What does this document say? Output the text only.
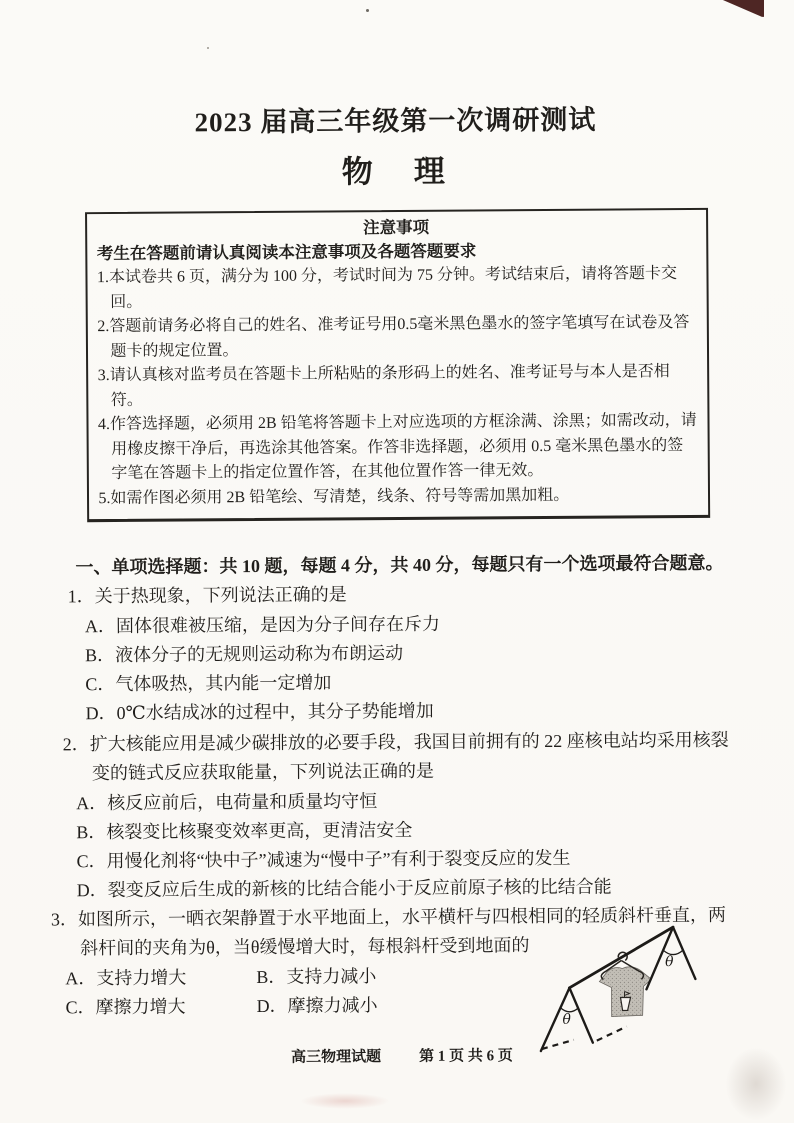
2023 届高三年级第一次调研测试
物　理
注意事项
考生在答题前请认真阅读本注意事项及各题答题要求
1.本试卷共 6 页，满分为 100 分，考试时间为 75 分钟。考试结束后，请将答题卡交回。
2.答题前请务必将自己的姓名、准考证号用0.5毫米黑色墨水的签字笔填写在试卷及答题卡的规定位置。
3.请认真核对监考员在答题卡上所粘贴的条形码上的姓名、准考证号与本人是否相符。
4.作答选择题，必须用 2B 铅笔将答题卡上对应选项的方框涂满、涂黑；如需改动，请用橡皮擦干净后，再选涂其他答案。作答非选择题，必须用 0.5 毫米黑色墨水的签字笔在答题卡上的指定位置作答，在其他位置作答一律无效。
5.如需作图必须用 2B 铅笔绘、写清楚，线条、符号等需加黑加粗。
一、单项选择题：共 10 题，每题 4 分，共 40 分，每题只有一个选项最符合题意。
1．关于热现象，下列说法正确的是
A．固体很难被压缩，是因为分子间存在斥力
B．液体分子的无规则运动称为布朗运动
C．气体吸热，其内能一定增加
D．0℃水结成冰的过程中，其分子势能增加
2．扩大核能应用是减少碳排放的必要手段，我国目前拥有的 22 座核电站均采用核裂变的链式反应获取能量，下列说法正确的是
A．核反应前后，电荷量和质量均守恒
B．核裂变比核聚变效率更高，更清洁安全
C．用慢化剂将“快中子”减速为“慢中子”有利于裂变反应的发生
D．裂变反应后生成的新核的比结合能小于反应前原子核的比结合能
3．如图所示，一晒衣架静置于水平地面上，水平横杆与四根相同的轻质斜杆垂直，两斜杆间的夹角为θ，当θ缓慢增大时，每根斜杆受到地面的
A．支持力增大	B．支持力减小
C．摩擦力增大	D．摩擦力减小
θ
θ
高三物理试题	第 1 页 共 6 页
